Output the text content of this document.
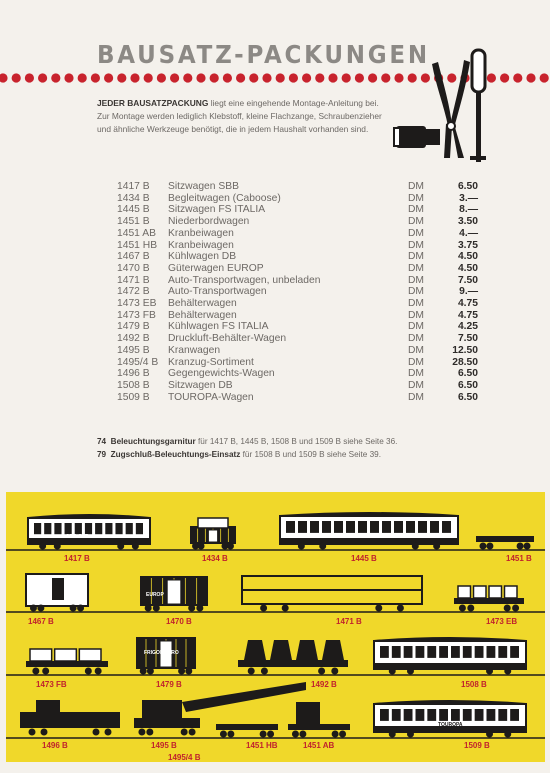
BAUSATZ-PACKUNGEN
JEDER BAUSATZPACKUNG liegt eine eingehende Montage-Anleitung bei. Zur Montage werden lediglich Klebstoff, kleine Flachzange, Schraubenzieher und ähnliche Werkzeuge benötigt, die in jedem Haushalt vorhanden sind.
1417 B	Sitzwagen SBB	DM	6.50
1434 B	Begleitwagen (Caboose)	DM	3.—
1445 B	Sitzwagen FS ITALIA	DM	8.—
1451 B	Niederbordwagen	DM	3.50
1451 AB	Kranbeiwagen	DM	4.—
1451 HB	Kranbeiwagen	DM	3.75
1467 B	Kühlwagen DB	DM	4.50
1470 B	Güterwagen EUROP	DM	4.50
1471 B	Auto-Transportwagen, unbeladen	DM	7.50
1472 B	Auto-Transportwagen	DM	9.—
1473 EB	Behälterwagen	DM	4.75
1473 FB	Behälterwagen	DM	4.75
1479 B	Kühlwagen FS ITALIA	DM	4.25
1492 B	Druckluft-Behälter-Wagen	DM	7.50
1495 B	Kranwagen	DM	12.50
1495/4 B	Kranzug-Sortiment	DM	28.50
1496 B	Gegengewichts-Wagen	DM	6.50
1508 B	Sitzwagen DB	DM	6.50
1509 B	TOUROPA-Wagen	DM	6.50
74 Beleuchtungsgarnitur für 1417 B, 1445 B, 1508 B und 1509 B siehe Seite 36.
79 Zugschluß-Beleuchtungs-Einsatz für 1508 B und 1509 B siehe Seite 39.
SBB-CFF
TOUROPA
FRIGORIFERO
EUROP
1417 B	1434 B	1445 B	1451 B
1467 B	1470 B	1471 B	1473 EB
1473 FB	1479 B	1492 B	1508 B
1496 B	1495 B	1451 HB	1451 AB	1509 B
1495/4 B
